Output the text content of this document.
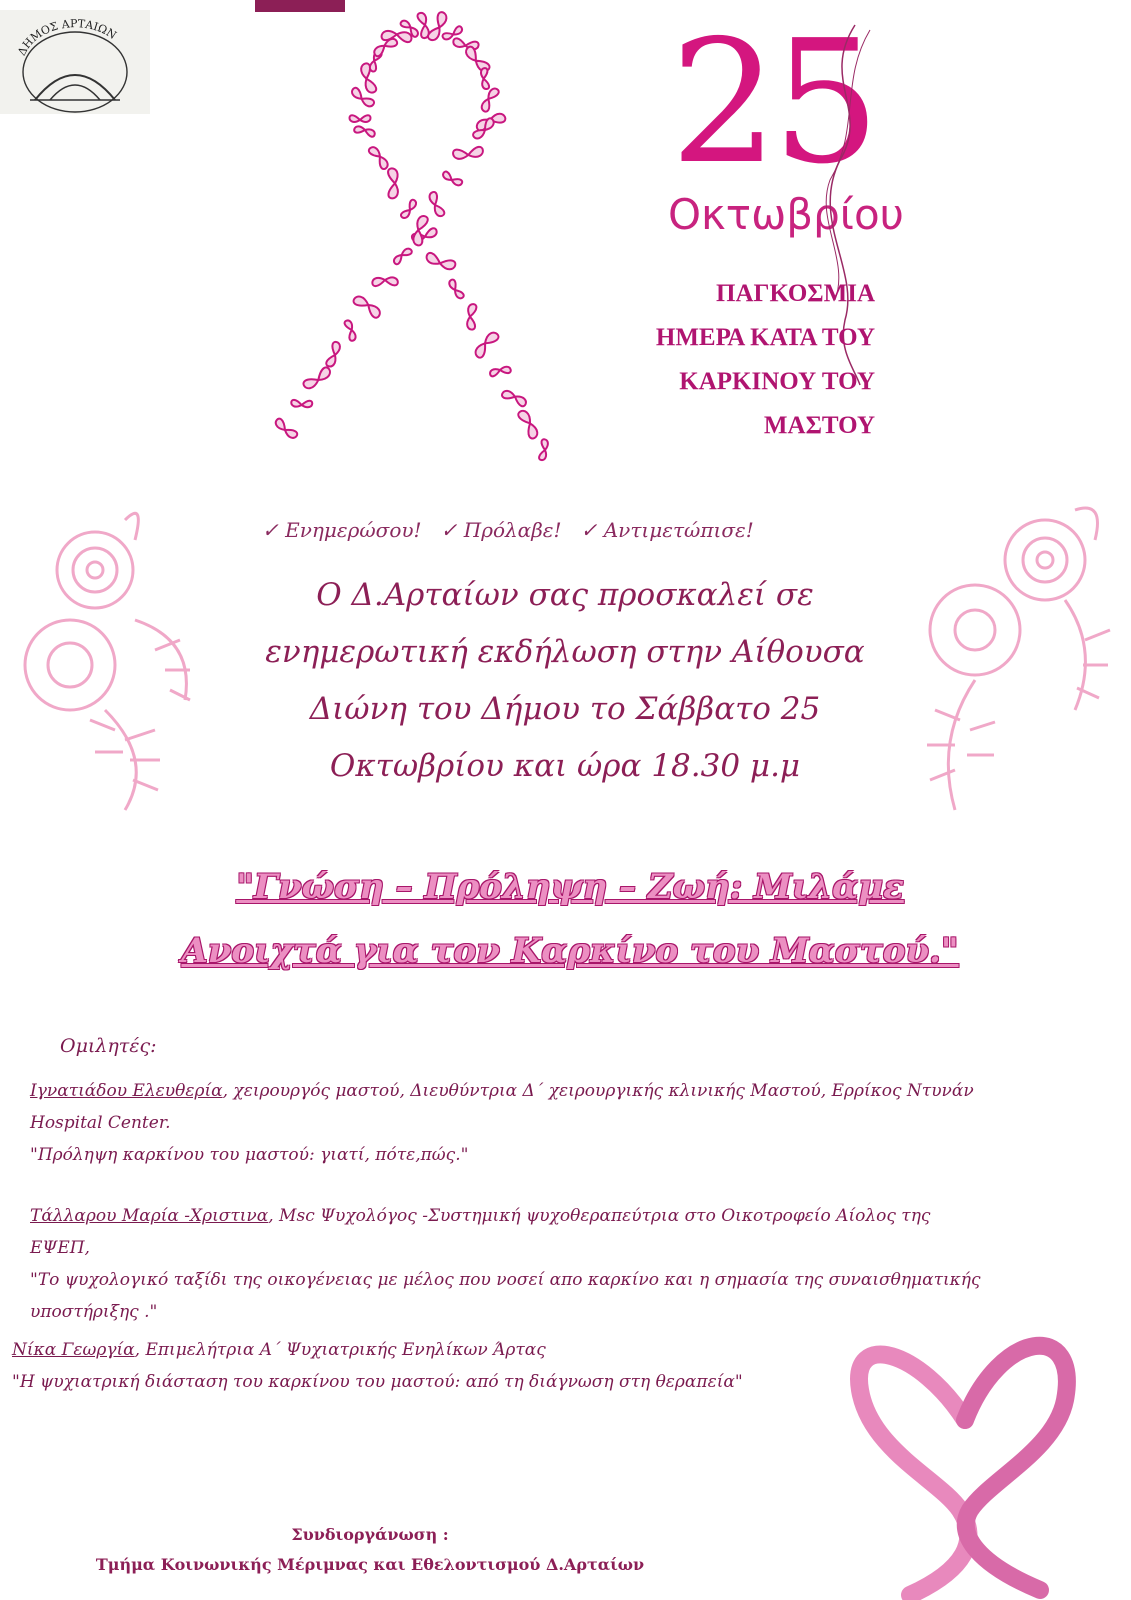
ΔΗΜΟΣ ΑΡΤΑΙΩΝ	25
Οκτωβρίου
ΠΑΓΚΟΣΜΙΑ
ΗΜΕΡΑ ΚΑΤΑ ΤΟΥ
ΚΑΡΚΙΝΟΥ ΤΟΥ
ΜΑΣΤΟΥ
✓ Ενημερώσου! ✓ Πρόλαβε! ✓ Αντιμετώπισε!
Ο Δ.Αρταίων σας προσκαλεί σε
ενημερωτική εκδήλωση στην Αίθουσα
Διώνη του Δήμου το Σάββατο 25
Οκτωβρίου και ώρα 18.30 μ.μ
"Γνώση – Πρόληψη – Ζωή: Μιλάμε
Ανοιχτά για τον Καρκίνο του Μαστού."
Ομιλητές:
Ιγνατιάδου Ελευθερία, χειρουργός μαστού, Διευθύντρια Δ΄ χειρουργικής κλινικής Μαστού, Ερρίκος Ντυνάν
Hospital Center.
"Πρόληψη καρκίνου του μαστού: γιατί, πότε,πώς."
Τάλλαρου Μαρία -Χριστινα, Msc Ψυχολόγος -Συστημική ψυχοθεραπεύτρια στο Οικοτροφείο Αίολος της
ΕΨΕΠ,
"Το ψυχολογικό ταξίδι της οικογένειας με μέλος που νοσεί απο καρκίνο και η σημασία της συναισθηματικής
υποστήριξης ."
Νίκα Γεωργία, Επιμελήτρια Α΄ Ψυχιατρικής Ενηλίκων Άρτας
"Η ψυχιατρική διάσταση του καρκίνου του μαστού: από τη διάγνωση στη θεραπεία"
Συνδιοργάνωση :
Τμήμα Κοινωνικής Μέριμνας και Εθελοντισμού Δ.Αρταίων
